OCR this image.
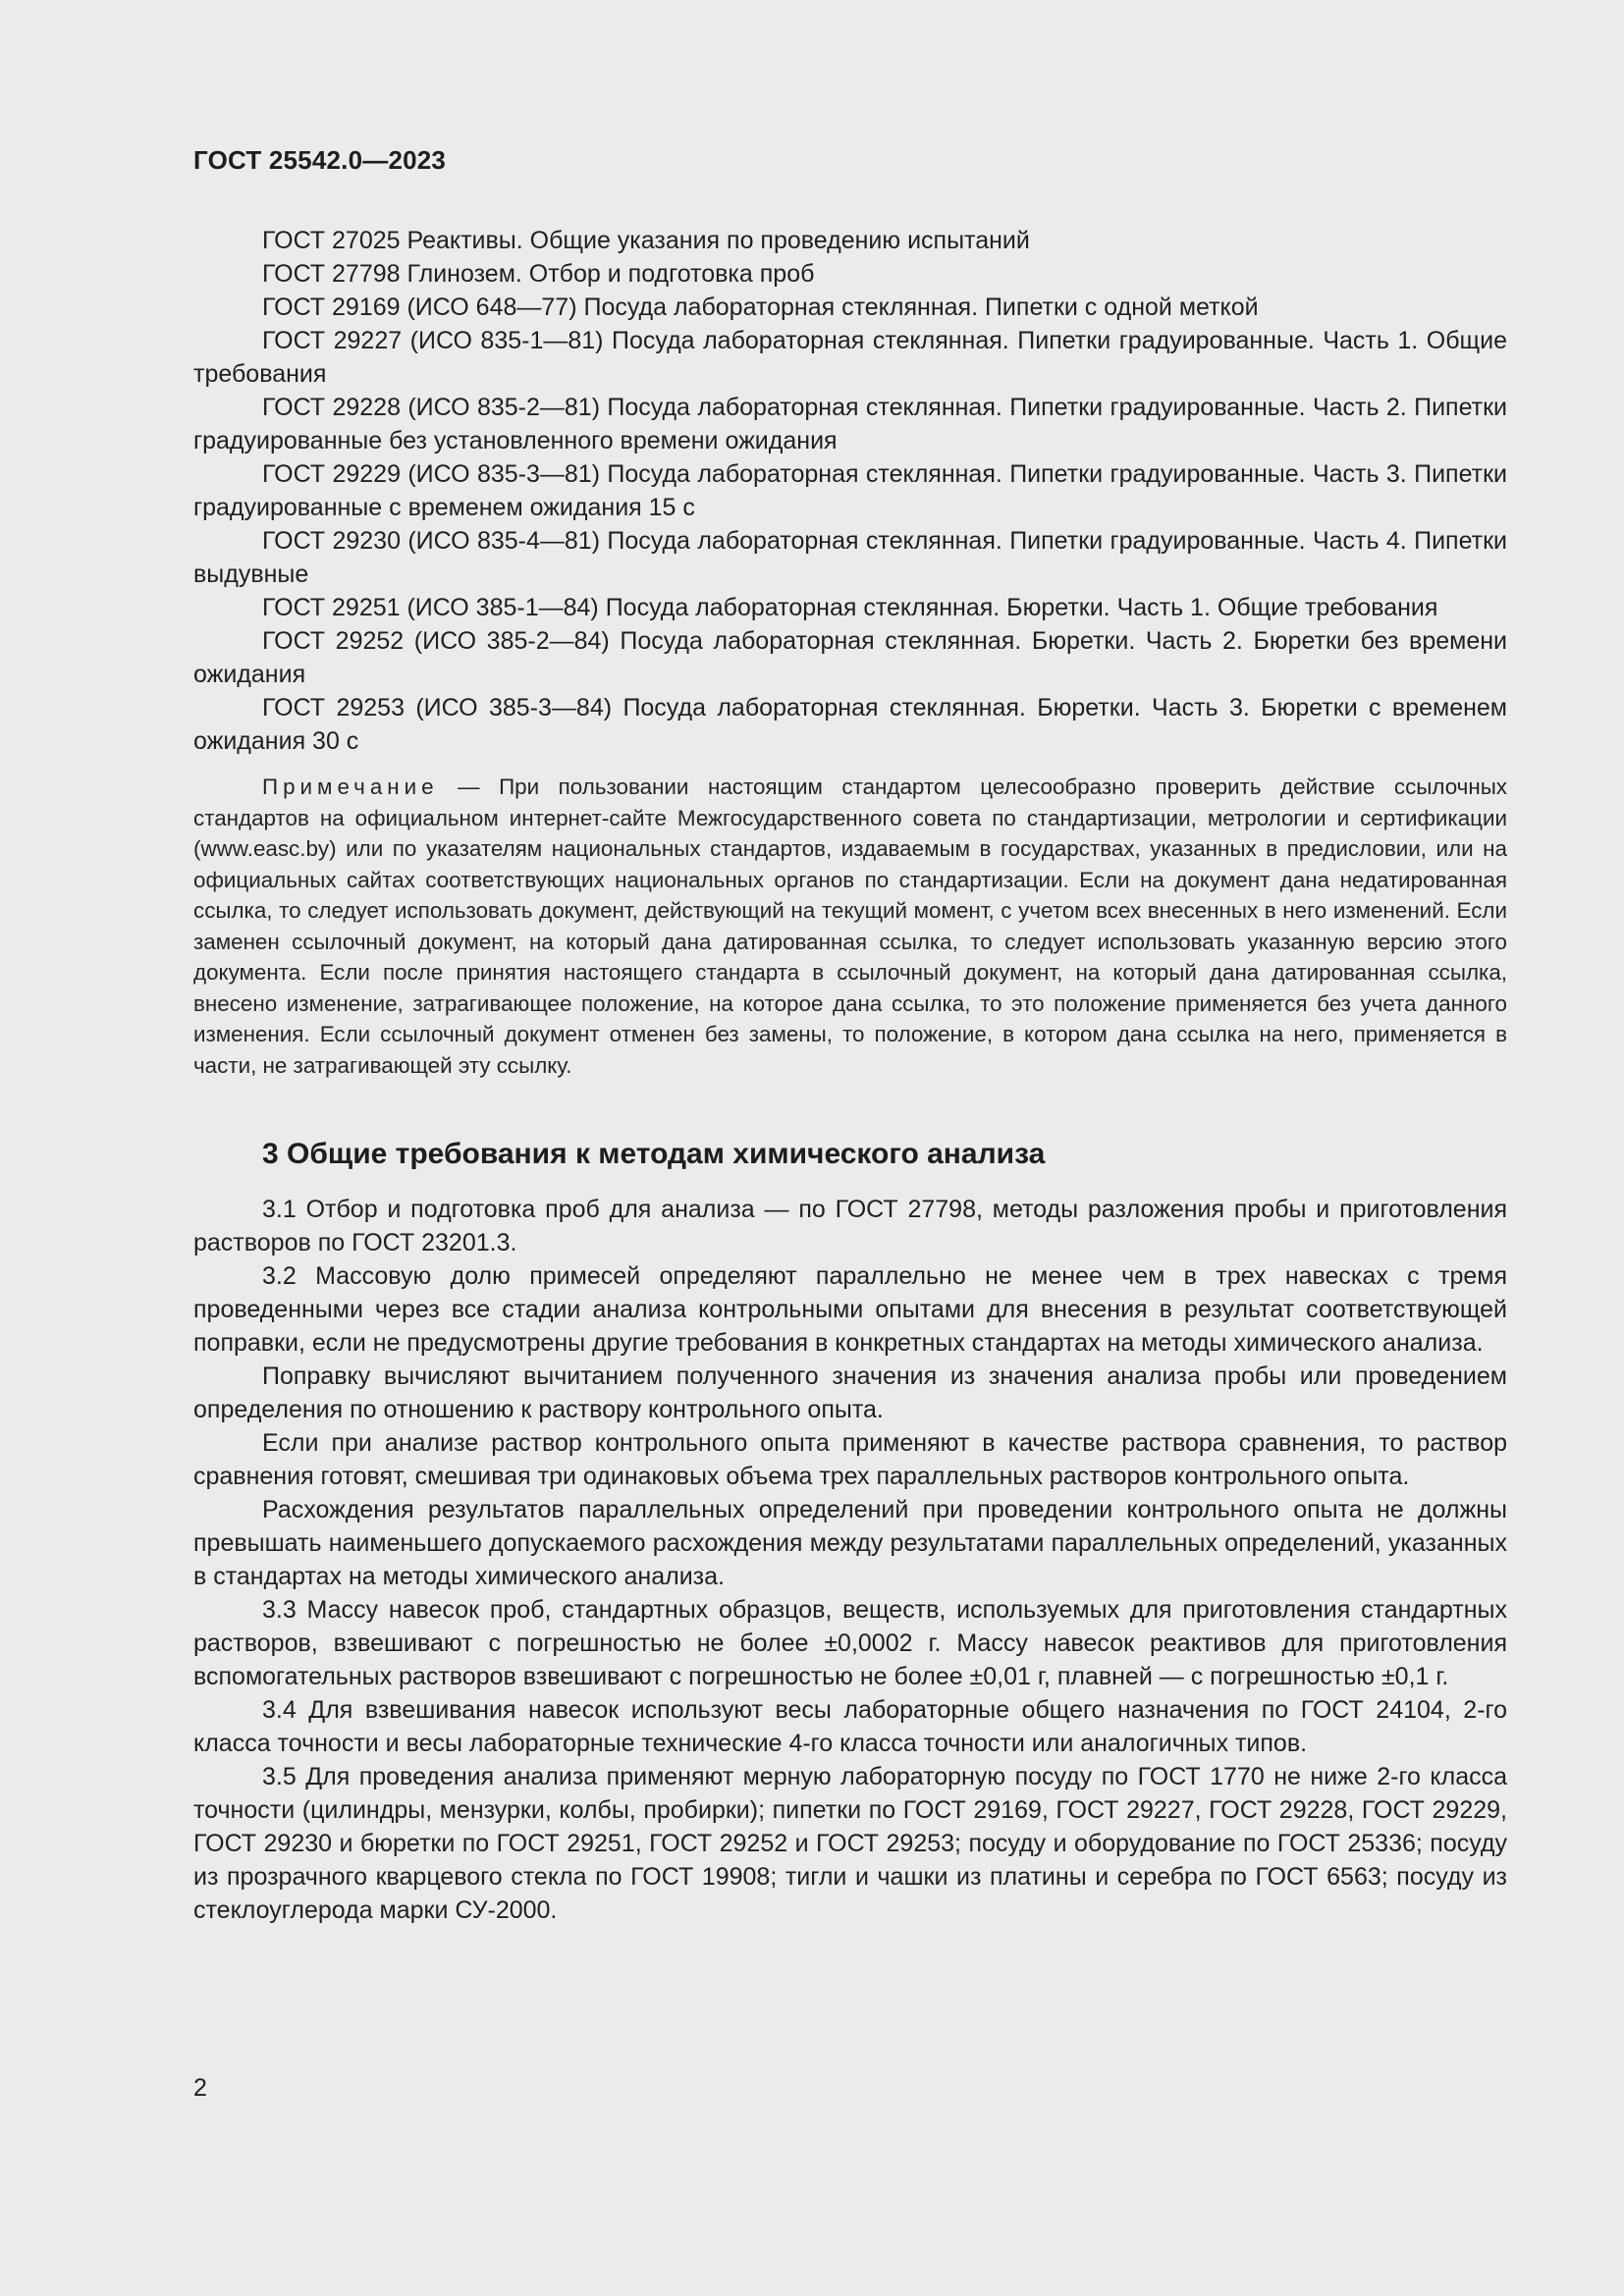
ГОСТ 25542.0—2023

ГОСТ 27025 Реактивы. Общие указания по проведению испытаний

ГОСТ 27798 Глинозем. Отбор и подготовка проб

ГОСТ 29169 (ИСО 648—77) Посуда лабораторная стеклянная. Пипетки с одной меткой

ГОСТ 29227 (ИСО 835-1—81) Посуда лабораторная стеклянная. Пипетки градуированные. Часть 1. Общие требования

ГОСТ 29228 (ИСО 835-2—81) Посуда лабораторная стеклянная. Пипетки градуированные. Часть 2. Пипетки градуированные без установленного времени ожидания

ГОСТ 29229 (ИСО 835-3—81) Посуда лабораторная стеклянная. Пипетки градуированные. Часть 3. Пипетки градуированные с временем ожидания 15 с

ГОСТ 29230 (ИСО 835-4—81) Посуда лабораторная стеклянная. Пипетки градуированные. Часть 4. Пипетки выдувные

ГОСТ 29251 (ИСО 385-1—84) Посуда лабораторная стеклянная. Бюретки. Часть 1. Общие требования

ГОСТ 29252 (ИСО 385-2—84) Посуда лабораторная стеклянная. Бюретки. Часть 2. Бюретки без времени ожидания

ГОСТ 29253 (ИСО 385-3—84) Посуда лабораторная стеклянная. Бюретки. Часть 3. Бюретки с временем ожидания 30 с

Примечание — При пользовании настоящим стандартом целесообразно проверить действие ссылочных стандартов на официальном интернет-сайте Межгосударственного совета по стандартизации, метрологии и сертификации (www.easc.by) или по указателям национальных стандартов, издаваемым в государствах, указанных в предисловии, или на официальных сайтах соответствующих национальных органов по стандартизации. Если на документ дана недатированная ссылка, то следует использовать документ, действующий на текущий момент, с учетом всех внесенных в него изменений. Если заменен ссылочный документ, на который дана датированная ссылка, то следует использовать указанную версию этого документа. Если после принятия настоящего стандарта в ссылочный документ, на который дана датированная ссылка, внесено изменение, затрагивающее положение, на которое дана ссылка, то это положение применяется без учета данного изменения. Если ссылочный документ отменен без замены, то положение, в котором дана ссылка на него, применяется в части, не затрагивающей эту ссылку.

3 Общие требования к методам химического анализа

3.1 Отбор и подготовка проб для анализа — по ГОСТ 27798, методы разложения пробы и приготовления растворов по ГОСТ 23201.3.

3.2 Массовую долю примесей определяют параллельно не менее чем в трех навесках с тремя проведенными через все стадии анализа контрольными опытами для внесения в результат соответствующей поправки, если не предусмотрены другие требования в конкретных стандартах на методы химического анализа.

Поправку вычисляют вычитанием полученного значения из значения анализа пробы или проведением определения по отношению к раствору контрольного опыта.

Если при анализе раствор контрольного опыта применяют в качестве раствора сравнения, то раствор сравнения готовят, смешивая три одинаковых объема трех параллельных растворов контрольного опыта.

Расхождения результатов параллельных определений при проведении контрольного опыта не должны превышать наименьшего допускаемого расхождения между результатами параллельных определений, указанных в стандартах на методы химического анализа.

3.3 Массу навесок проб, стандартных образцов, веществ, используемых для приготовления стандартных растворов, взвешивают с погрешностью не более ±0,0002 г. Массу навесок реактивов для приготовления вспомогательных растворов взвешивают с погрешностью не более ±0,01 г, плавней — с погрешностью ±0,1 г.

3.4 Для взвешивания навесок используют весы лабораторные общего назначения по ГОСТ 24104, 2-го класса точности и весы лабораторные технические 4-го класса точности или аналогичных типов.

3.5 Для проведения анализа применяют мерную лабораторную посуду по ГОСТ 1770 не ниже 2-го класса точности (цилиндры, мензурки, колбы, пробирки); пипетки по ГОСТ 29169, ГОСТ 29227, ГОСТ 29228, ГОСТ 29229, ГОСТ 29230 и бюретки по ГОСТ 29251, ГОСТ 29252 и ГОСТ 29253; посуду и оборудование по ГОСТ 25336; посуду из прозрачного кварцевого стекла по ГОСТ 19908; тигли и чашки из платины и серебра по ГОСТ 6563; посуду из стеклоуглерода марки СУ-2000.

2
